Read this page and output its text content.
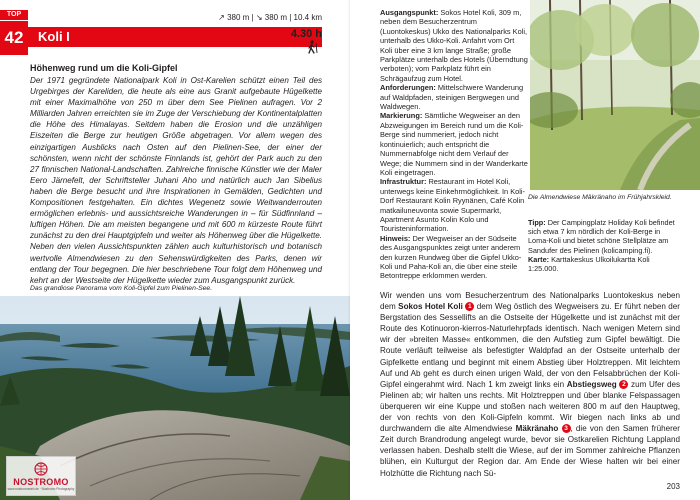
TOP
42	Koli I
↗ 380 m | ↘ 380 m | 10.4 km
4.30 h
Höhenweg rund um die Koli-Gipfel

Der 1971 gegründete Nationalpark Koli in Ost-Karelien schützt einen Teil des Urgebirges der Kareliden, die heute als eine aus Granit aufgebaute Hügelkette mit einer Maximalhöhe von 250 m über dem See Pielinen aufragen. Vor 2 Milliarden Jahren erreichten sie im Zuge der Verschiebung der Kontinentalplatten die Höhe des Himalayas. Seitdem haben die Erosion und die unzähligen Eiszeiten die Berge zur heutigen Größe abgetragen. Vor allem wegen des einzigartigen Ausblicks nach Osten auf den Pielinen-See, der einer der schönsten, wenn nicht der schönste Finnlands ist, gehört der Park auch zu den 27 finnischen National-Landschaften. Zahlreiche finnische Künstler wie der Maler Eero Järnefelt, der Schriftsteller Juhani Aho und natürlich auch Jan Sibelius haben die Berge besucht und ihre Inspirationen in Gemälden, Gedichten und Kompositionen festgehalten. Ein dichtes Wegenetz sowie Weitwanderrouten ermöglichen erlebnis- und aussichtsreiche Wanderungen in – für Südfinnland – luftigen Höhen. Die am meisten begangene und mit 600 m kürzeste Route führt zunächst zu den drei Hauptgipfeln und weiter als Höhenweg über die Hügelkette. Neben den vielen Aussichtspunkten zählen auch kulturhistorisch und botanisch wertvolle Almendwiesen zu den Sehenswürdigkeiten des Parks, denen wir entlang der Tour begegnen. Die hier beschriebene Tour folgt dem Höhenweg und kehrt an der Westseite der Hügelkette wieder zum Ausgangspunkt zurück.

Das grandiose Panorama vom Koli-Gipfel zum Pielinen-See.
NOSTROMO
www.nostromoweb.de · Nostromo Photography

Ausgangspunkt: Sokos Hotel Koli, 309 m, neben dem Besucherzentrum (Luontokeskus) Ukko des Nationalparks Koli, unterhalb des Ukko-Koli. Anfahrt vom Ort Koli über eine 3 km lange Straße; große Parkplätze unterhalb des Hotels (Überndtung verboten); vom Parkplatz führt ein Schrägaufzug zum Hotel.

Anforderungen: Mittelschwere Wanderung auf Waldpfaden, steinigen Bergwegen und Waldwegen.

Markierung: Sämtliche Wegweiser an den Abzweigungen im Bereich rund um die Koli-Berge sind nummeriert, jedoch nicht kontinuierlich; auch entspricht die Nummernabfolge nicht dem Verlauf der Wege; die Nummern sind in der Wanderkarte Koli eingetragen.

Infrastruktur: Restaurant im Hotel Koli, unterwegs keine Einkehrmöglichkeit. In Koli-Dorf Restaurant Kolin Ryynänen, Café Kolin matkailuneuvonta sowie Supermarkt, Apartment Asunto Kolin Kolo und Touristeninformation.

Hinweis: Der Wegweiser an der Südseite des Ausgangspunktes zeigt unter anderem den kurzen Rundweg über die Gipfel Ukko-Koli und Paha-Koli an, die über eine steile Betontreppe erklommen werden.

Die Almendwiese Mäkränaho im Frühjahrskleid.

Tipp: Der Campingplatz Holiday Koli befindet sich etwa 7 km nördlich der Koli-Berge in Loma-Koli und bietet schöne Stellplätze am Sandufer des Pielinen (kolicamping.fi).

Karte: Karttakeskus Ulkoilukartta Koli 1:25.000.

Wir wenden uns vom Besucherzentrum des Nationalparks Luontokeskus neben dem Sokos Hotel Koli 1 dem Weg östlich des Wegweisers zu. Er führt neben der Bergstation des Sessellifts an die Ostseite der Hügelkette und ist zunächst mit der Route des Kotinuoron-kierros-Naturlehrpfads identisch. Nach wenigen Metern sind wir der »breiten Masse« entkommen, die den Aufstieg zum Gipfel bewältigt. Die Route verläuft teilweise als befestigter Waldpfad an der Ostseite unterhalb der Gipfelkette entlang und beginnt mit einem Abstieg über Holztreppen. Mit leichtem Auf und Ab geht es durch einen urigen Wald, der von den Felsabbrüchen der Koli-Gipfel eingerahmt wird. Nach 1 km zweigt links ein Abstiegsweg 2 zum Ufer des Pielinen ab; wir halten uns rechts. Mit Holztreppen und über blanke Felspassagen überqueren wir eine Kuppe und stoßen nach weiteren 800 m auf den Hauptweg, der von rechts von den Koli-Gipfeln kommt. Wir biegen nach links ab und durchwandern die alte Almendwiese Mäkränaho 3 , die von den Samen früherer Zeit durch Brandrodung angelegt wurde, bevor sie Ostkarelien Richtung Lappland verlassen haben. Deshalb stellt die Wiese, auf der im Sommer zahlreiche Pflanzen blühen, ein Kulturgut der Region dar. Am Ende der Wiese halten wir bei einer Holzhütte die Richtung nach Sü-

203
